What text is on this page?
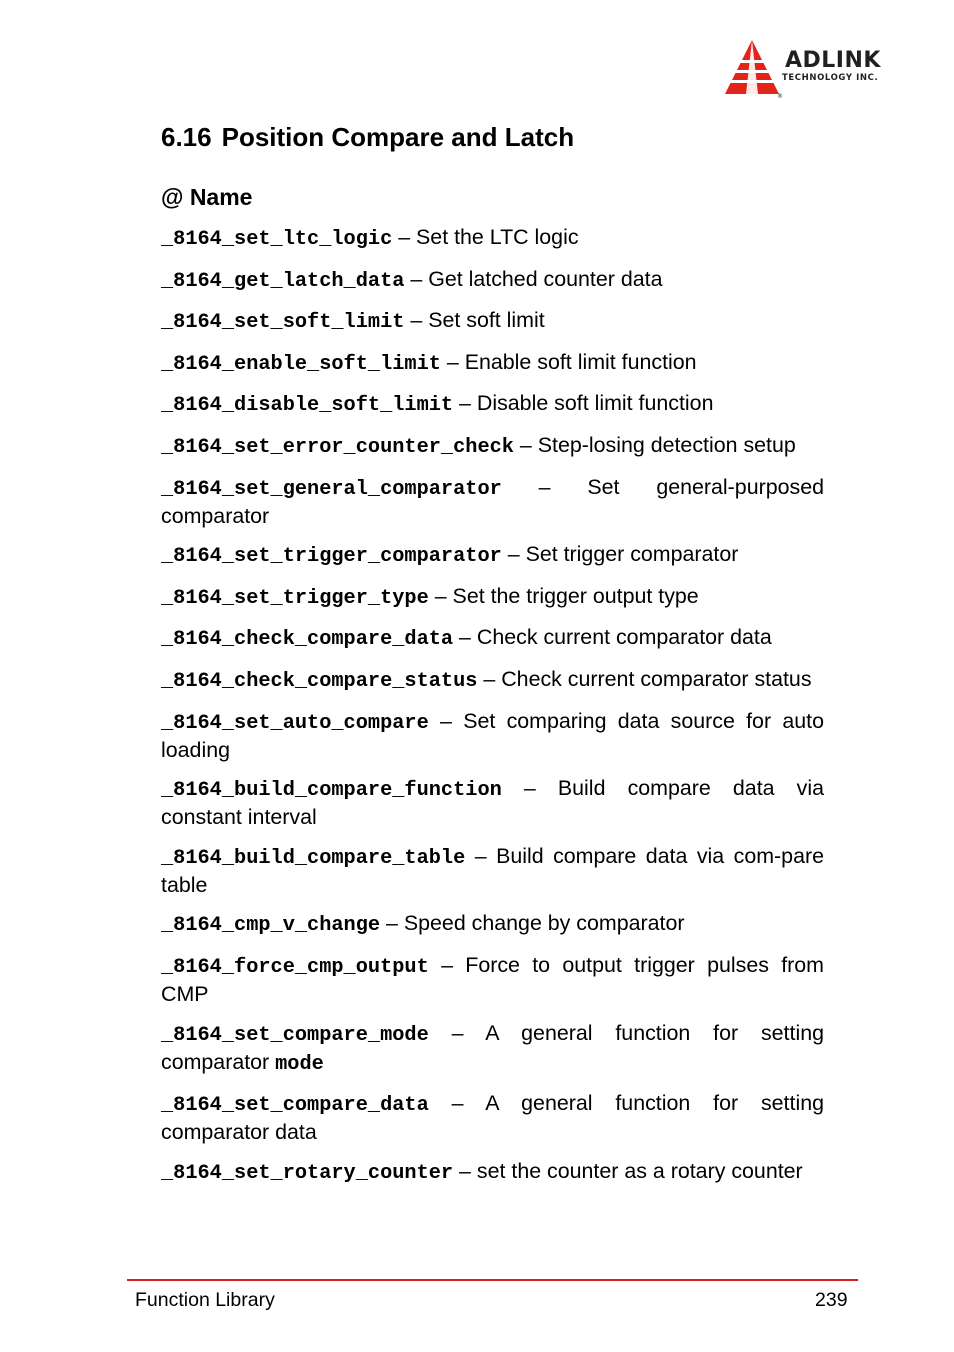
®
ADLINK
TECHNOLOGY INC.
6.16 Position Compare and Latch
@ Name

_8164_set_ltc_logic – Set the LTC logic

_8164_get_latch_data – Get latched counter data

_8164_set_soft_limit – Set soft limit

_8164_enable_soft_limit – Enable soft limit function

_8164_disable_soft_limit – Disable soft limit function

_8164_set_error_counter_check – Step-losing detection setup

_8164_set_general_comparator – Set general-purposed comparator

_8164_set_trigger_comparator – Set trigger comparator

_8164_set_trigger_type – Set the trigger output type

_8164_check_compare_data – Check current comparator data

_8164_check_compare_status – Check current comparator status

_8164_set_auto_compare – Set comparing data source for auto loading

_8164_build_compare_function – Build compare data via constant interval

_8164_build_compare_table – Build compare data via com-pare table

_8164_cmp_v_change – Speed change by comparator

_8164_force_cmp_output – Force to output trigger pulses from CMP

_8164_set_compare_mode – A general function for setting comparator mode

_8164_set_compare_data – A general function for setting comparator data

_8164_set_rotary_counter – set the counter as a rotary counter

Function Library	239
